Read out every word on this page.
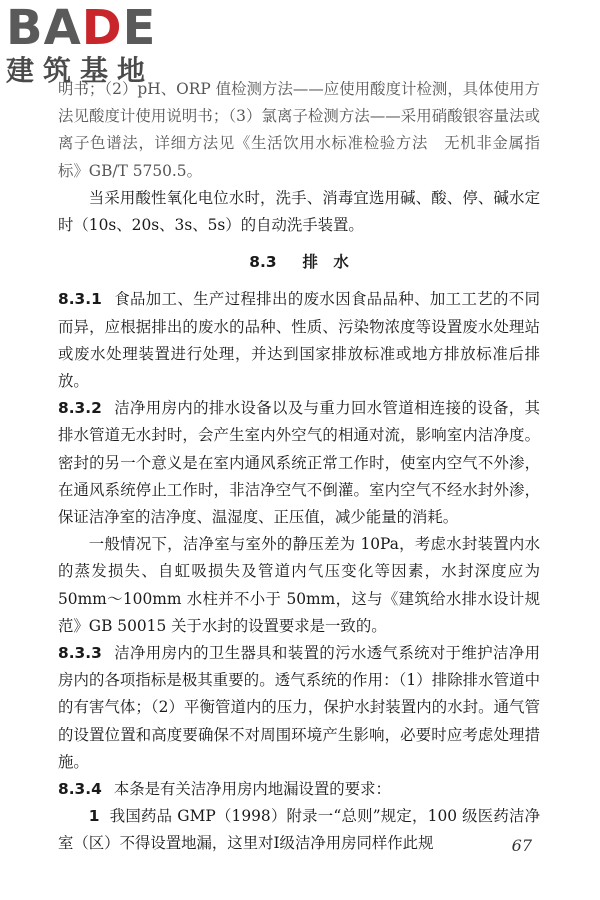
BADE
建筑基地

明书；（2）pH、ORP 值检测方法——应使用酸度计检测，具体使用方法见酸度计使用说明书；（3）氯离子检测方法——采用硝酸银容量法或离子色谱法，详细方法见《生活饮用水标准检验方法　无机非金属指标》GB/T 5750.5。

当采用酸性氧化电位水时，洗手、消毒宜选用碱、酸、停、碱水定时（10s、20s、3s、5s）的自动洗手装置。

8.3 排　水

8.3.1 食品加工、生产过程排出的废水因食品品种、加工工艺的不同而异，应根据排出的废水的品种、性质、污染物浓度等设置废水处理站或废水处理装置进行处理，并达到国家排放标准或地方排放标准后排放。

8.3.2 洁净用房内的排水设备以及与重力回水管道相连接的设备，其排水管道无水封时，会产生室内外空气的相通对流，影响室内洁净度。密封的另一个意义是在室内通风系统正常工作时，使室内空气不外渗，在通风系统停止工作时，非洁净空气不倒灌。室内空气不经水封外渗，保证洁净室的洁净度、温湿度、正压值，减少能量的消耗。

一般情况下，洁净室与室外的静压差为 10Pa，考虑水封装置内水的蒸发损失、自虹吸损失及管道内气压变化等因素，水封深度应为 50mm～100mm 水柱并不小于 50mm，这与《建筑给水排水设计规范》GB 50015 关于水封的设置要求是一致的。

8.3.3 洁净用房内的卫生器具和装置的污水透气系统对于维护洁净用房内的各项指标是极其重要的。透气系统的作用：（1）排除排水管道中的有害气体；（2）平衡管道内的压力，保护水封装置内的水封。通气管的设置位置和高度要确保不对周围环境产生影响，必要时应考虑处理措施。

8.3.4 本条是有关洁净用房内地漏设置的要求：

1 我国药品 GMP（1998）附录一“总则”规定，100 级医药洁净室（区）不得设置地漏，这里对Ⅰ级洁净用房同样作此规	67
